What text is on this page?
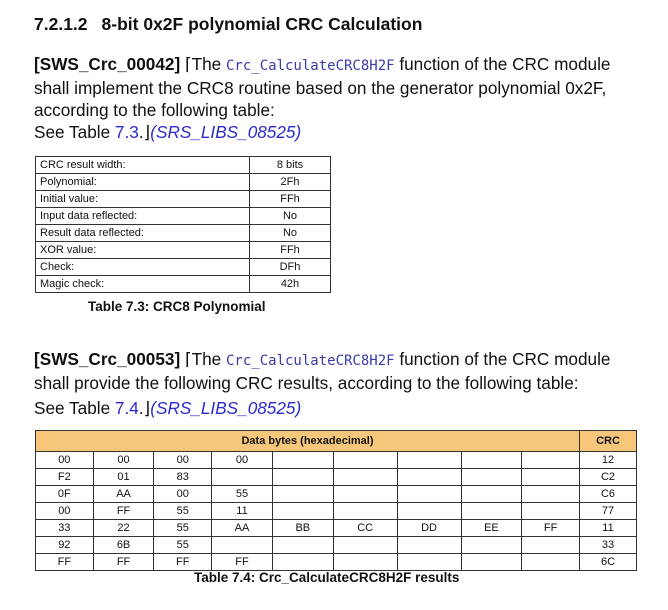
7.2.1.2 8-bit 0x2F polynomial CRC Calculation
[SWS_Crc_00042] ⌈The Crc_CalculateCRC8H2F function of the CRC module shall implement the CRC8 routine based on the generator polynomial 0x2F, according to the following table:
See Table 7.3.⌋(SRS_LIBS_08525)
CRC result width:	8 bits
Polynomial:	2Fh
Initial value:	FFh
Input data reflected:	No
Result data reflected:	No
XOR value:	FFh
Check:	DFh
Magic check:	42h
Table 7.3: CRC8 Polynomial
[SWS_Crc_00053] ⌈The Crc_CalculateCRC8H2F function of the CRC module shall provide the following CRC results, according to the following table:
See Table 7.4.⌋(SRS_LIBS_08525)
Data bytes (hexadecimal)									CRC
00	00	00	00						12
F2	01	83							C2
0F	AA	00	55						C6
00	FF	55	11						77
33	22	55	AA	BB	CC	DD	EE	FF	11
92	6B	55							33
FF	FF	FF	FF						6C
Table 7.4: Crc_CalculateCRC8H2F results
